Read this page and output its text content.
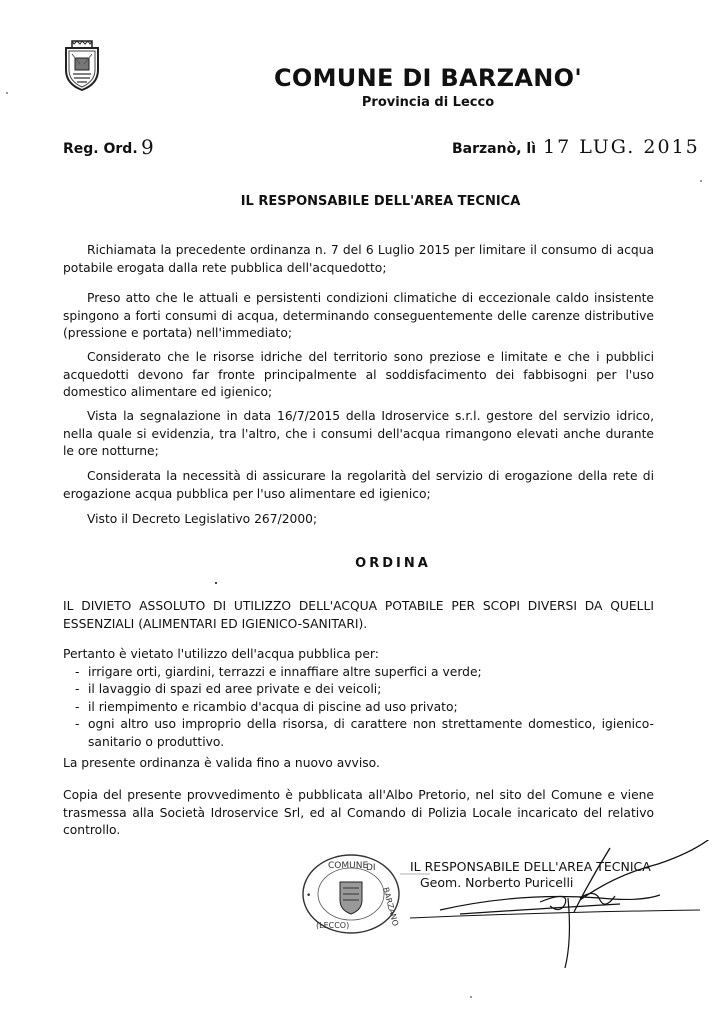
COMUNE DI BARZANO'
Provincia di Lecco
Reg. Ord. 9	Barzanò, lì 17 LUG. 2015
IL RESPONSABILE DELL'AREA TECNICA
Richiamata la precedente ordinanza n. 7 del 6 Luglio 2015 per limitare il consumo di acqua potabile erogata dalla rete pubblica dell'acquedotto;
Preso atto che le attuali e persistenti condizioni climatiche di eccezionale caldo insistente spingono a forti consumi di acqua, determinando conseguentemente delle carenze distributive (pressione e portata) nell'immediato;
Considerato che le risorse idriche del territorio sono preziose e limitate e che i pubblici acquedotti devono far fronte principalmente al soddisfacimento dei fabbisogni per l'uso domestico alimentare ed igienico;
Vista la segnalazione in data 16/7/2015 della Idroservice s.r.l. gestore del servizio idrico, nella quale si evidenzia, tra l'altro, che i consumi dell'acqua rimangono elevati anche durante le ore notturne;
Considerata la necessità di assicurare la regolarità del servizio di erogazione della rete di erogazione acqua pubblica per l'uso alimentare ed igienico;
Visto il Decreto Legislativo 267/2000;
ORDINA
IL DIVIETO ASSOLUTO DI UTILIZZO DELL'ACQUA POTABILE PER SCOPI DIVERSI DA QUELLI ESSENZIALI (ALIMENTARI ED IGIENICO-SANITARI).
Pertanto è vietato l'utilizzo dell'acqua pubblica per:
- irrigare orti, giardini, terrazzi e innaffiare altre superfici a verde;
- il lavaggio di spazi ed aree private e dei veicoli;
- il riempimento e ricambio d'acqua di piscine ad uso privato;
- ogni altro uso improprio della risorsa, di carattere non strettamente domestico, igienico-sanitario o produttivo.
La presente ordinanza è valida fino a nuovo avviso.
Copia del presente provvedimento è pubblicata all'Albo Pretorio, nel sito del Comune e viene trasmessa alla Società Idroservice Srl, ed al Comando di Polizia Locale incaricato del relativo controllo.
COMUNE
DI
BARZANO
(LECCO)
•
IL RESPONSABILE DELL'AREA TECNICA
Geom. Norberto Puricelli
